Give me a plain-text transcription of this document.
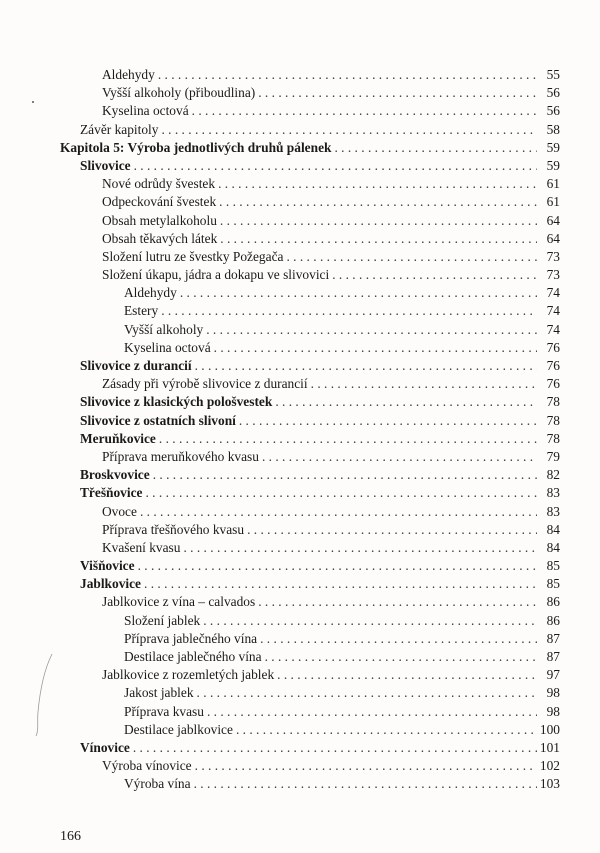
Aldehydy . . .	55
Vyšší alkoholy (přiboudlina) . . .	56
Kyselina octová . . .	56
Závěr kapitoly . . .	58
Kapitola 5: Výroba jednotlivých druhů pálenek . . .	59
Slivovice . . .	59
Nové odrůdy švestek . . .	61
Odpeckování švestek . . .	61
Obsah metylalkoholu . . .	64
Obsah těkavých látek . . .	64
Složení lutru ze švestky Požegača . . .	73
Složení úkapu, jádra a dokapu ve slivovici . . .	73
Aldehydy . . .	74
Estery . . .	74
Vyšší alkoholy . . .	74
Kyselina octová . . .	76
Slivovice z durancií . . .	76
Zásady při výrobě slivovice z durancií . . .	76
Slivovice z klasických pološvestek . . .	78
Slivovice z ostatních slivoní . . .	78
Meruňkovice . . .	78
Příprava meruňkového kvasu . . .	79
Broskvovice . . .	82
Třešňovice . . .	83
Ovoce . . .	83
Příprava třešňového kvasu . . .	84
Kvašení kvasu . . .	84
Višňovice . . .	85
Jablkovice . . .	85
Jablkovice z vína – calvados . . .	86
Složení jablek . . .	86
Příprava jablečného vína . . .	87
Destilace jablečného vína . . .	87
Jablkovice z rozemletých jablek . . .	97
Jakost jablek . . .	98
Příprava kvasu . . .	98
Destilace jablkovice . . .	100
Vínovice . . .	101
Výroba vínovice . . .	102
Výroba vína . . .	103
166
